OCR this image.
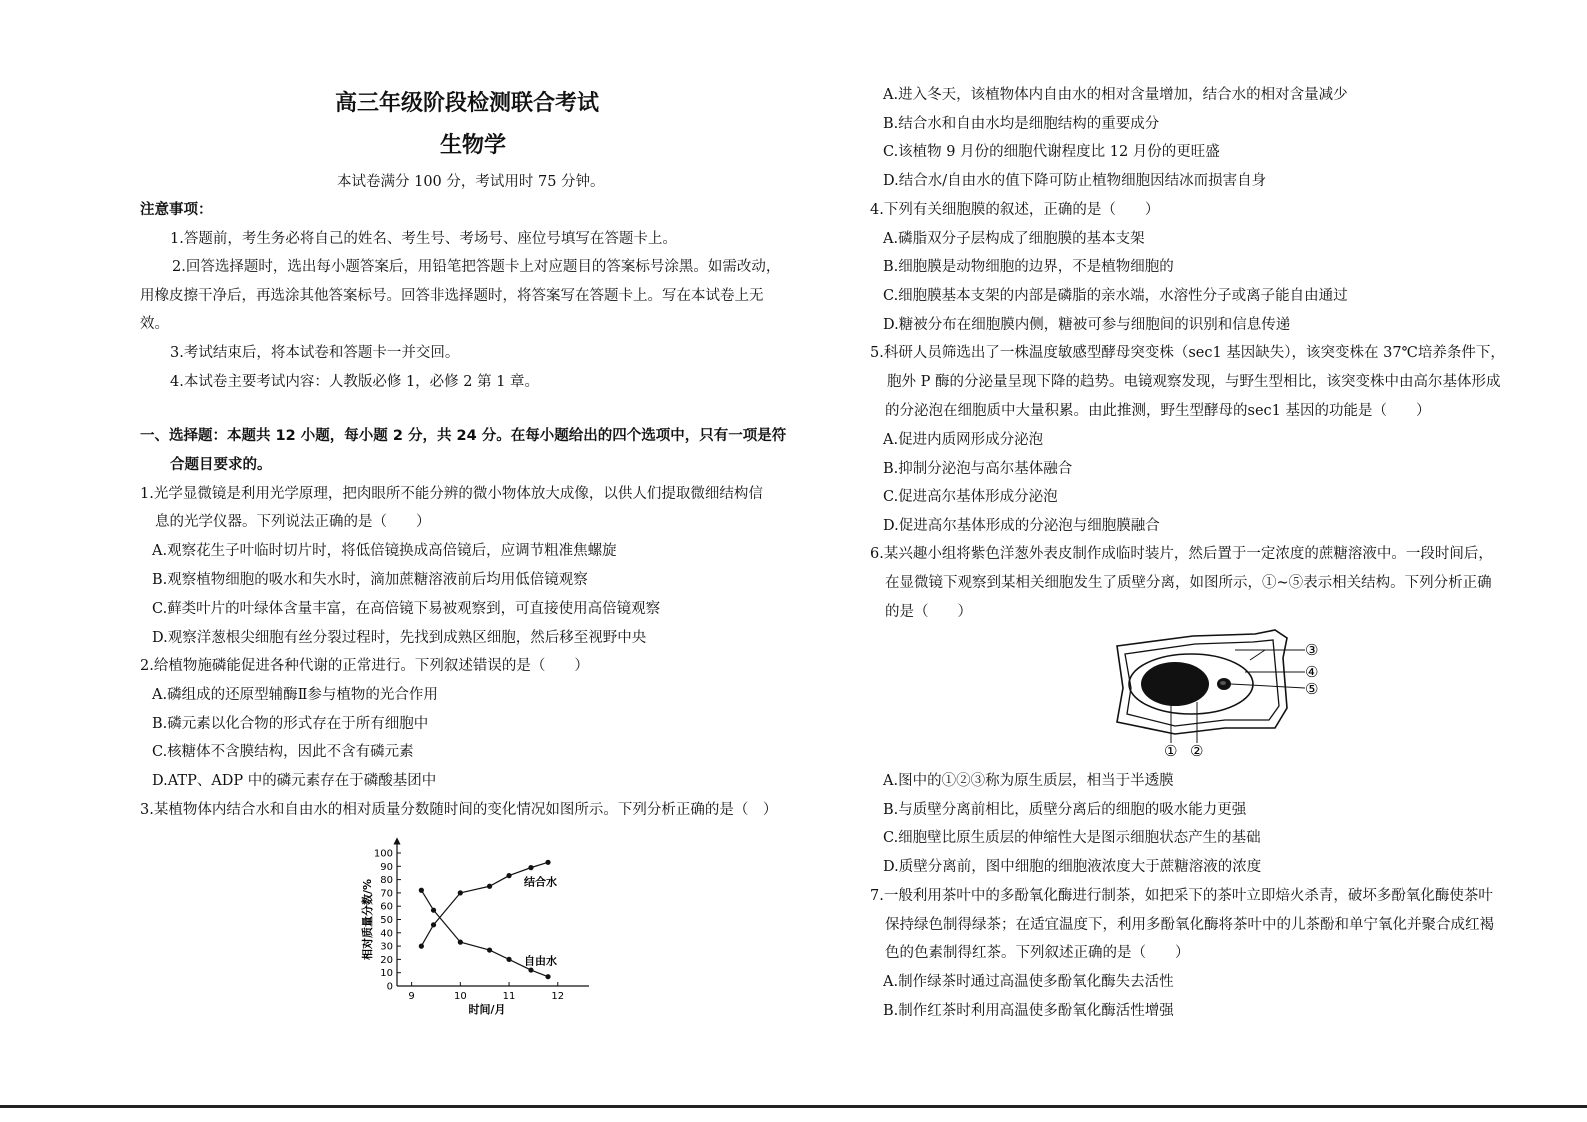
高三年级阶段检测联合考试
生物学
本试卷满分 100 分，考试用时 75 分钟。
注意事项：
1.答题前，考生务必将自己的姓名、考生号、考场号、座位号填写在答题卡上。
2.回答选择题时，选出每小题答案后，用铅笔把答题卡上对应题目的答案标号涂黑。如需改动，
用橡皮擦干净后，再选涂其他答案标号。回答非选择题时，将答案写在答题卡上。写在本试卷上无
效。
3.考试结束后，将本试卷和答题卡一并交回。
4.本试卷主要考试内容：人教版必修 1，必修 2 第 1 章。
一、选择题：本题共 12 小题，每小题 2 分，共 24 分。在每小题给出的四个选项中，只有一项是符
合题目要求的。
1.光学显微镜是利用光学原理，把肉眼所不能分辨的微小物体放大成像，以供人们提取微细结构信
息的光学仪器。下列说法正确的是（　　）
A.观察花生子叶临时切片时，将低倍镜换成高倍镜后，应调节粗准焦螺旋
B.观察植物细胞的吸水和失水时，滴加蔗糖溶液前后均用低倍镜观察
C.藓类叶片的叶绿体含量丰富，在高倍镜下易被观察到，可直接使用高倍镜观察
D.观察洋葱根尖细胞有丝分裂过程时，先找到成熟区细胞，然后移至视野中央
2.给植物施磷能促进各种代谢的正常进行。下列叙述错误的是（　　）
A.磷组成的还原型辅酶Ⅱ参与植物的光合作用
B.磷元素以化合物的形式存在于所有细胞中
C.核糖体不含膜结构，因此不含有磷元素
D.ATP、ADP 中的磷元素存在于磷酸基团中
3.某植物体内结合水和自由水的相对质量分数随时间的变化情况如图所示。下列分析正确的是（　）
0
10
20
30
40
50
60
70
80
90
100
9	10	11	12
时间/月
相对质量分数/%	结合水
自由水
A.进入冬天，该植物体内自由水的相对含量增加，结合水的相对含量减少
B.结合水和自由水均是细胞结构的重要成分
C.该植物 9 月份的细胞代谢程度比 12 月份的更旺盛
D.结合水/自由水的值下降可防止植物细胞因结冰而损害自身
4.下列有关细胞膜的叙述，正确的是（　　）
A.磷脂双分子层构成了细胞膜的基本支架
B.细胞膜是动物细胞的边界，不是植物细胞的
C.细胞膜基本支架的内部是磷脂的亲水端，水溶性分子或离子能自由通过
D.糖被分布在细胞膜内侧，糖被可参与细胞间的识别和信息传递
5.科研人员筛选出了一株温度敏感型酵母突变株（sec1 基因缺失），该突变株在 37℃培养条件下，
胞外 P 酶的分泌量呈现下降的趋势。电镜观察发现，与野生型相比，该突变株中由高尔基体形成
的分泌泡在细胞质中大量积累。由此推测，野生型酵母的sec1 基因的功能是（　　）
A.促进内质网形成分泌泡
B.抑制分泌泡与高尔基体融合
C.促进高尔基体形成分泌泡
D.促进高尔基体形成的分泌泡与细胞膜融合
6.某兴趣小组将紫色洋葱外表皮制作成临时装片，然后置于一定浓度的蔗糖溶液中。一段时间后，
在显微镜下观察到某相关细胞发生了质壁分离，如图所示，①~⑤表示相关结构。下列分析正确
的是（　　）
A.图中的①②③称为原生质层，相当于半透膜
B.与质壁分离前相比，质壁分离后的细胞的吸水能力更强
C.细胞壁比原生质层的伸缩性大是图示细胞状态产生的基础
D.质壁分离前，图中细胞的细胞液浓度大于蔗糖溶液的浓度
7.一般利用茶叶中的多酚氧化酶进行制茶，如把采下的茶叶立即焙火杀青，破坏多酚氧化酶使茶叶
保持绿色制得绿茶；在适宜温度下，利用多酚氧化酶将茶叶中的儿茶酚和单宁氧化并聚合成红褐
色的色素制得红茶。下列叙述正确的是（　　）
A.制作绿茶时通过高温使多酚氧化酶失去活性
B.制作红茶时利用高温使多酚氧化酶活性增强
③
④
⑤
① ②
